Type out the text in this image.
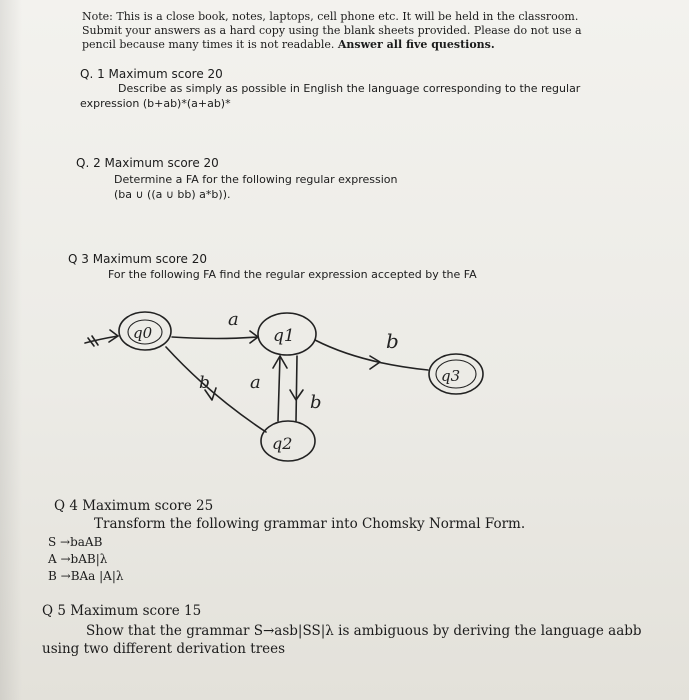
Note: This is a close book, notes, laptops, cell phone etc. It will be held in the classroom.
Submit your answers as a hard copy using the blank sheets provided. Please do not use a
pencil because many times it is not readable. Answer all five questions.
Q. 1 Maximum score 20
Describe as simply as possible in English the language corresponding to the regular
expression (b+ab)*(a+ab)*
Q. 2 Maximum score 20
Determine a FA for the following regular expression
(ba ∪ ((a ∪ bb) a*b)).
Q 3 Maximum score 20
For the following FA find the regular expression accepted by the FA
q0	q1
q3
q2
a
b
b a
b
Q 4 Maximum score 25
Transform the following grammar into Chomsky Normal Form.
S →baAB
A →bAB|λ
B →BAa |A|λ
Q 5 Maximum score 15
Show that the grammar S→asb|SS|λ is ambiguous by deriving the language aabb
using two different derivation trees
